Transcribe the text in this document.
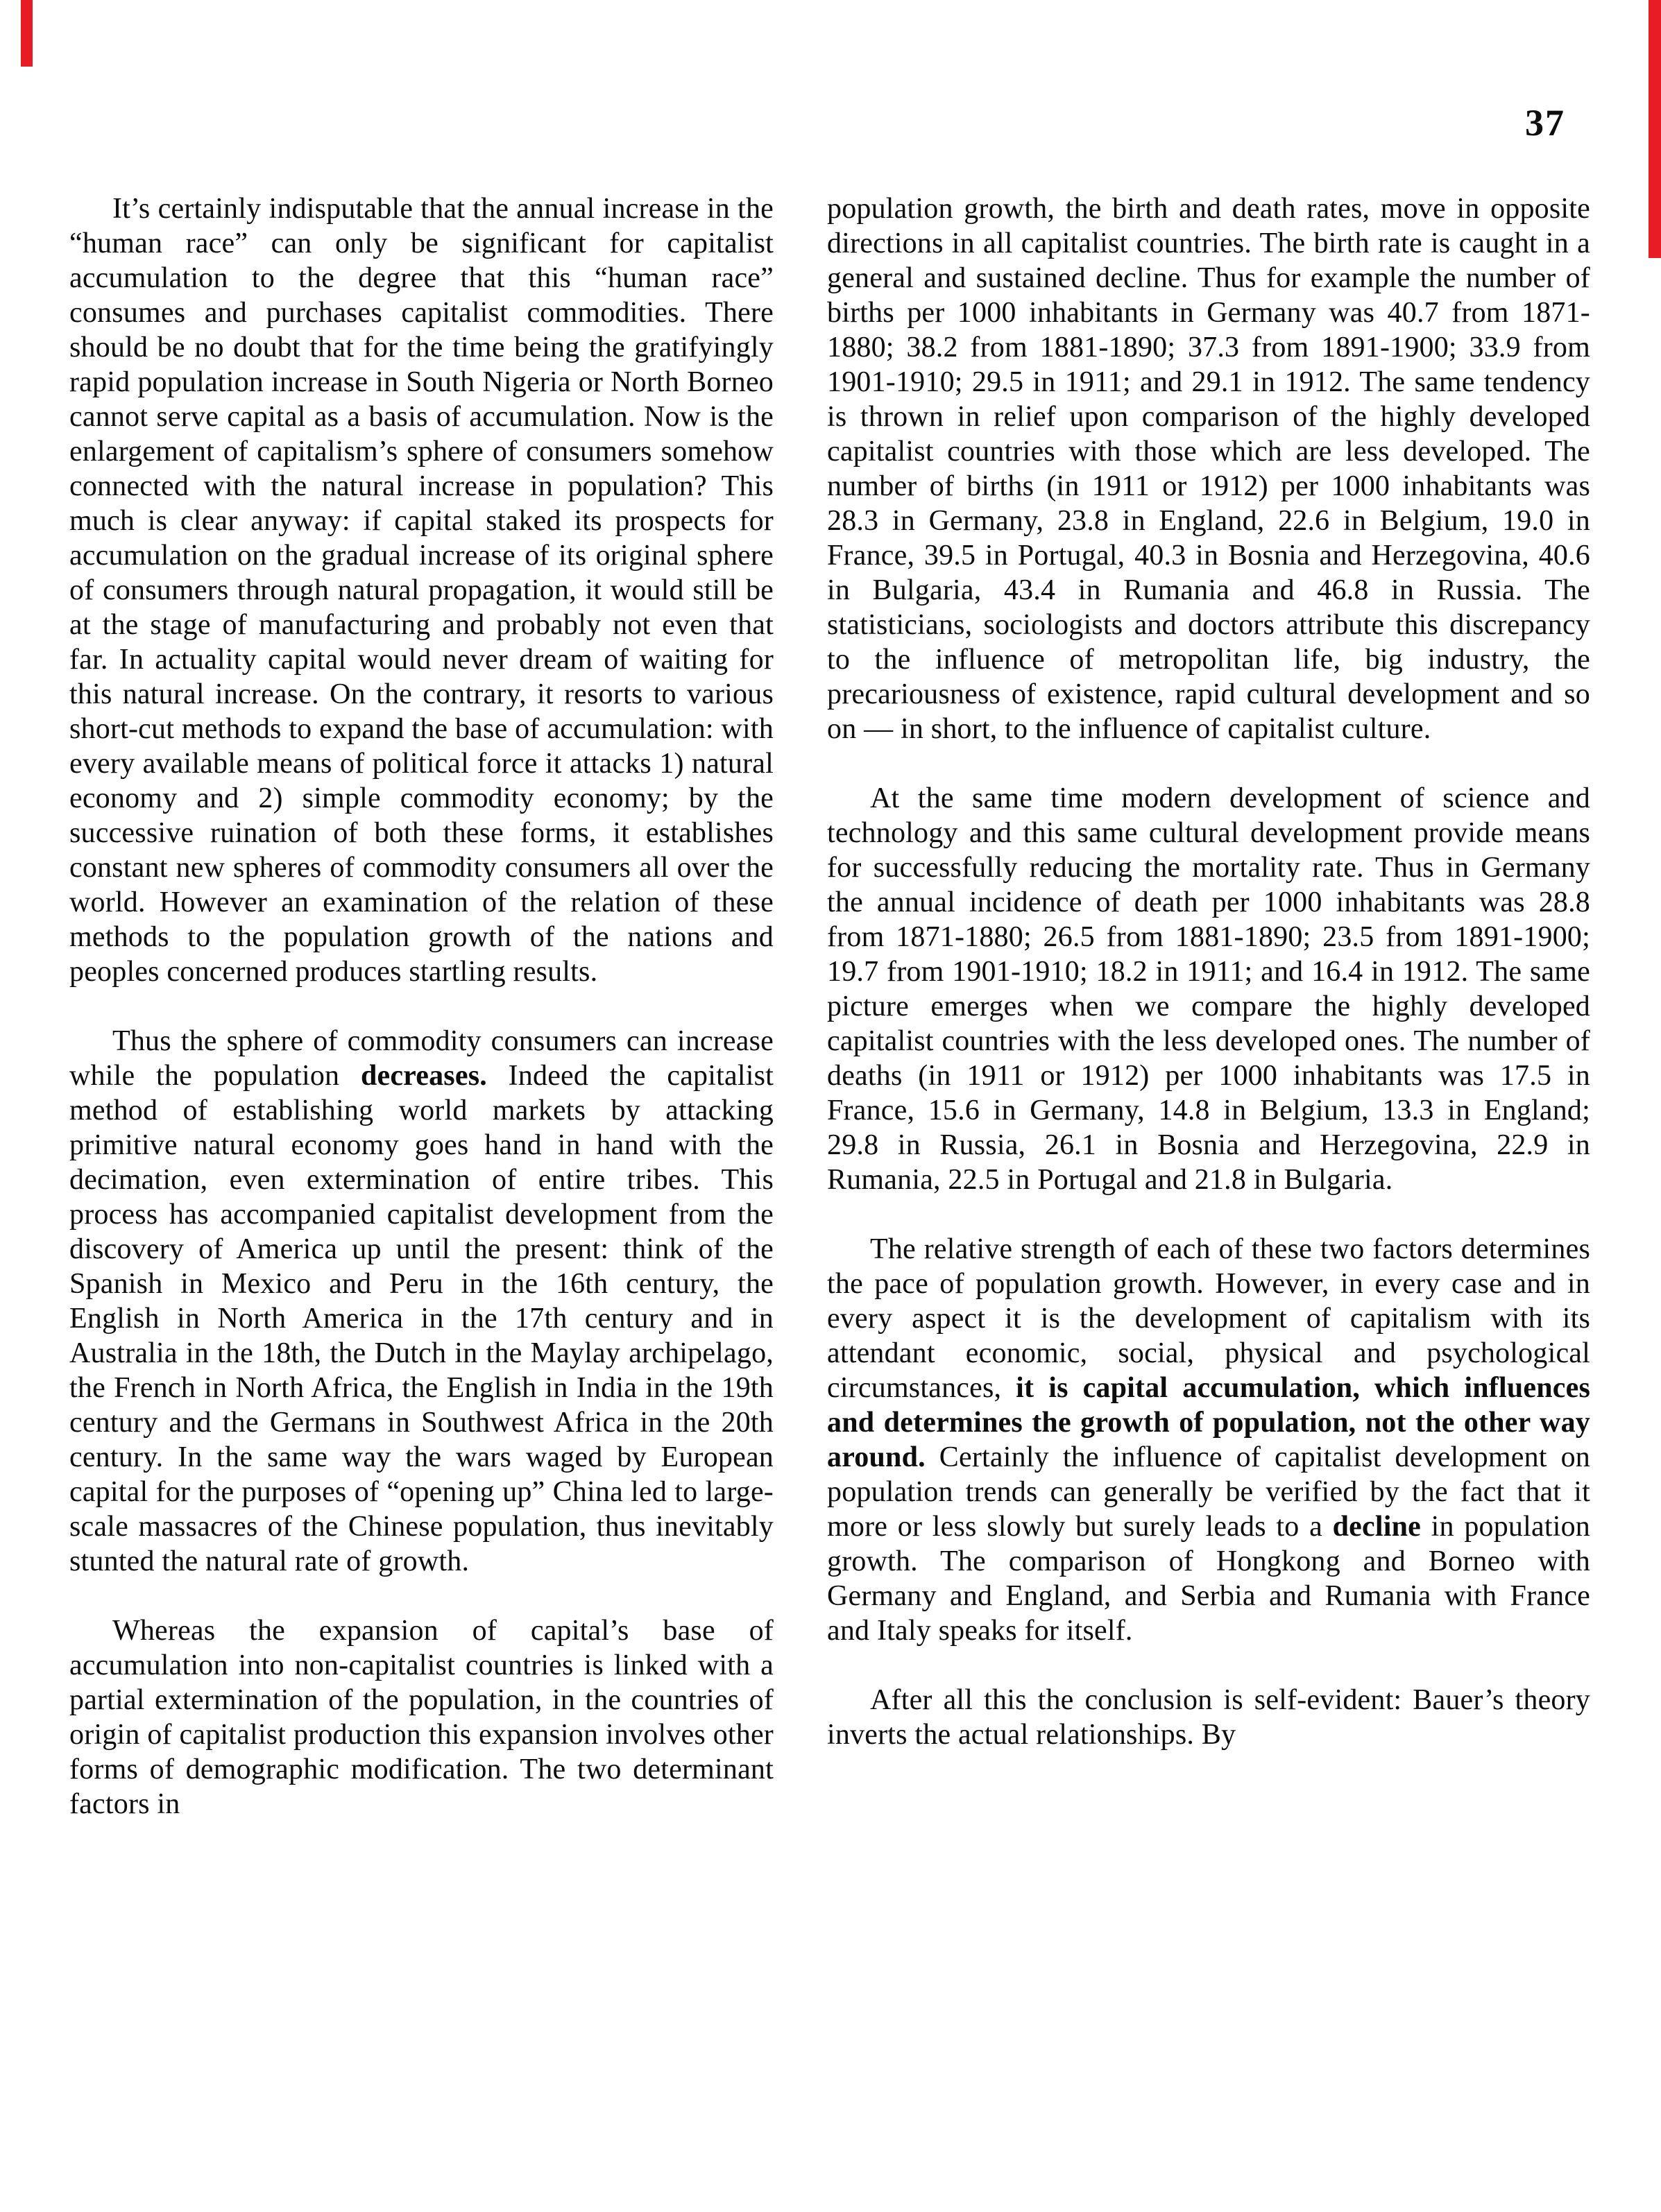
37

It’s certainly indisputable that the annual increase in the “human race” can only be significant for capitalist accumulation to the degree that this “human race” consumes and purchases capitalist commodities. There should be no doubt that for the time being the gratifyingly rapid population increase in South Nigeria or North Borneo cannot serve capital as a basis of accumulation. Now is the enlargement of capitalism’s sphere of consumers somehow connected with the natural increase in population? This much is clear anyway: if capital staked its prospects for accumulation on the gradual increase of its original sphere of consumers through natural propagation, it would still be at the stage of manufacturing and probably not even that far. In actuality capital would never dream of waiting for this natural increase. On the contrary, it resorts to various short-cut methods to expand the base of accumulation: with every available means of political force it attacks 1) natural economy and 2) simple commodity economy; by the successive ruination of both these forms, it establishes constant new spheres of commodity consumers all over the world. However an examination of the relation of these methods to the population growth of the nations and peoples concerned produces startling results.

Thus the sphere of commodity consumers can increase while the population decreases. Indeed the capitalist method of establishing world markets by attacking primitive natural economy goes hand in hand with the decimation, even extermination of entire tribes. This process has accompanied capitalist development from the discovery of America up until the present: think of the Spanish in Mexico and Peru in the 16th century, the English in North America in the 17th century and in Australia in the 18th, the Dutch in the Maylay archipelago, the French in North Africa, the English in India in the 19th century and the Germans in Southwest Africa in the 20th century. In the same way the wars waged by European capital for the purposes of “opening up” China led to large-scale massacres of the Chinese population, thus inevitably stunted the natural rate of growth.

Whereas the expansion of capital’s base of accumulation into non-capitalist countries is linked with a partial extermination of the population, in the countries of origin of capitalist production this expansion involves other forms of demographic modification. The two determinant factors in

population growth, the birth and death rates, move in opposite directions in all capitalist countries. The birth rate is caught in a general and sustained decline. Thus for example the number of births per 1000 inhabitants in Germany was 40.7 from 1871-1880; 38.2 from 1881-1890; 37.3 from 1891-1900; 33.9 from 1901-1910; 29.5 in 1911; and 29.1 in 1912. The same tendency is thrown in relief upon comparison of the highly developed capitalist countries with those which are less developed. The number of births (in 1911 or 1912) per 1000 inhabitants was 28.3 in Germany, 23.8 in England, 22.6 in Belgium, 19.0 in France, 39.5 in Portugal, 40.3 in Bosnia and Herzegovina, 40.6 in Bulgaria, 43.4 in Rumania and 46.8 in Russia. The statisticians, sociologists and doctors attribute this discrepancy to the influence of metropolitan life, big industry, the precariousness of existence, rapid cultural development and so on — in short, to the influence of capitalist culture.

At the same time modern development of science and technology and this same cultural development provide means for successfully reducing the mortality rate. Thus in Germany the annual incidence of death per 1000 inhabitants was 28.8 from 1871-1880; 26.5 from 1881-1890; 23.5 from 1891-1900; 19.7 from 1901-1910; 18.2 in 1911; and 16.4 in 1912. The same picture emerges when we compare the highly developed capitalist countries with the less developed ones. The number of deaths (in 1911 or 1912) per 1000 inhabitants was 17.5 in France, 15.6 in Germany, 14.8 in Belgium, 13.3 in England; 29.8 in Russia, 26.1 in Bosnia and Herzegovina, 22.9 in Rumania, 22.5 in Portugal and 21.8 in Bulgaria.

The relative strength of each of these two factors determines the pace of population growth. However, in every case and in every aspect it is the development of capitalism with its attendant economic, social, physical and psychological circumstances, it is capital accumulation, which influences and determines the growth of population, not the other way around. Certainly the influence of capitalist development on population trends can generally be verified by the fact that it more or less slowly but surely leads to a decline in population growth. The comparison of Hongkong and Borneo with Germany and England, and Serbia and Rumania with France and Italy speaks for itself.

After all this the conclusion is self-evident: Bauer’s theory inverts the actual relationships. By
